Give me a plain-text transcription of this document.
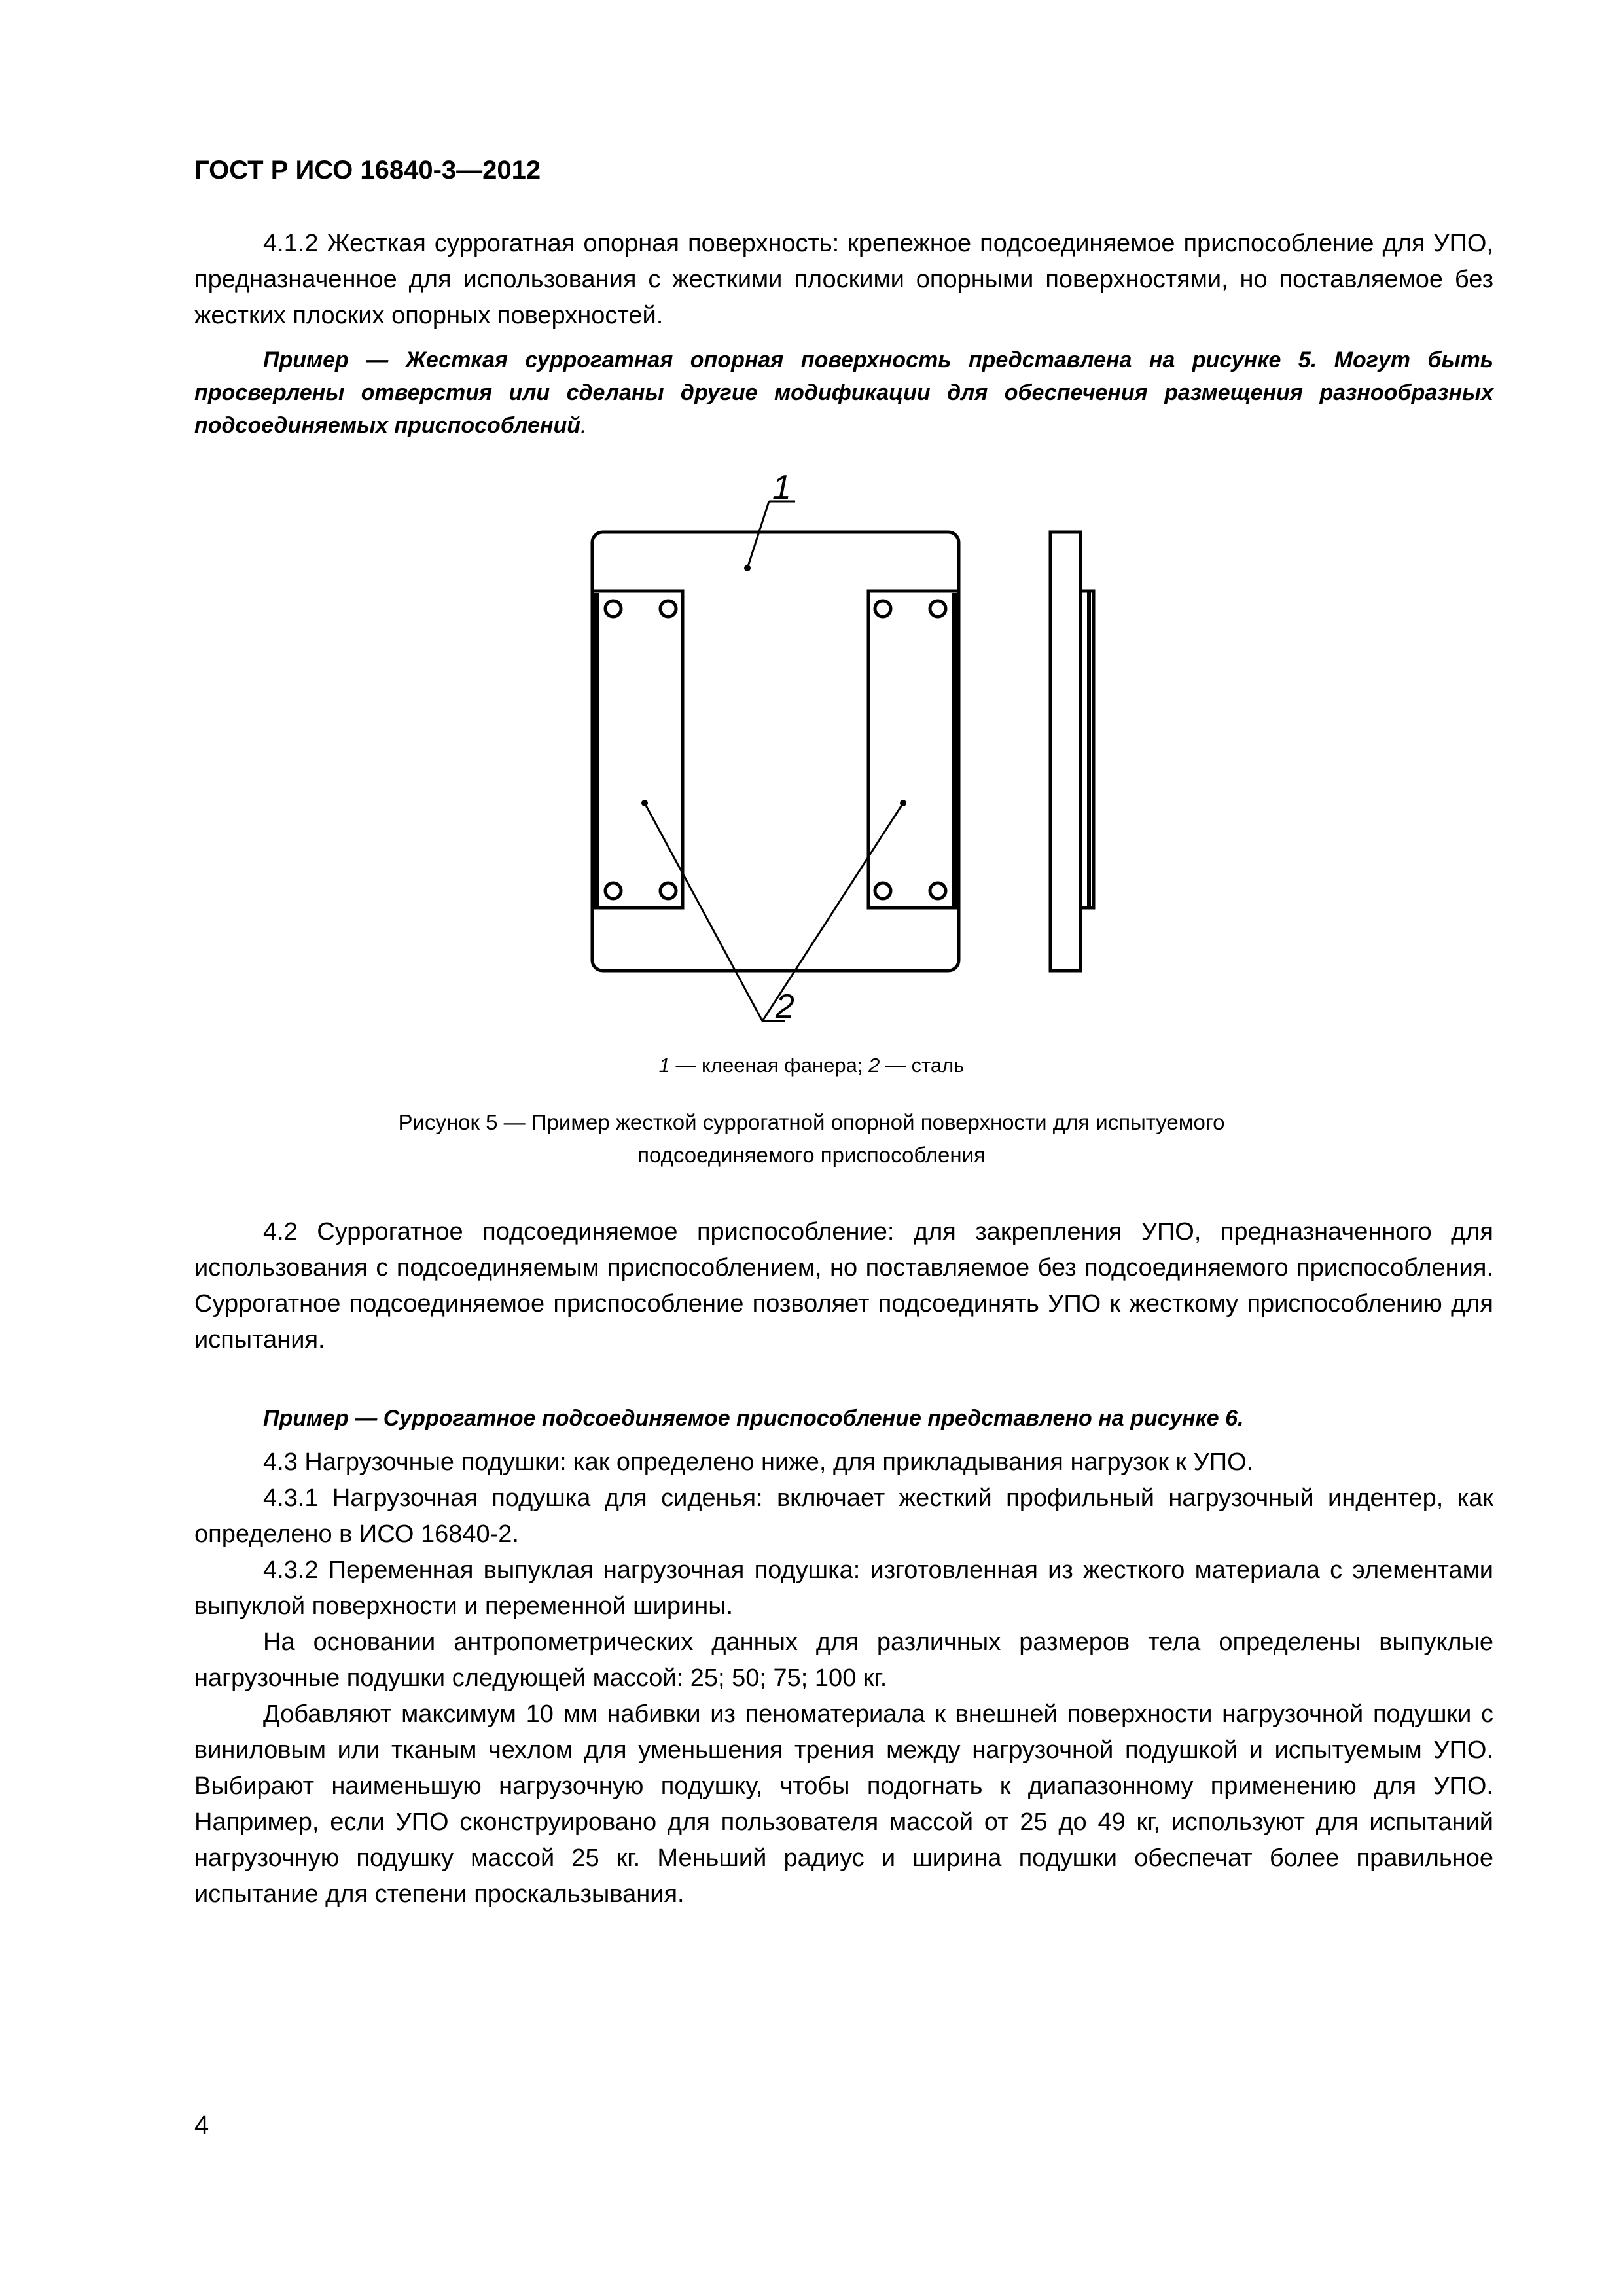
ГОСТ Р ИСО 16840-3—2012

4.1.2 Жесткая суррогатная опорная поверхность: крепежное подсоединяемое приспособление для УПО, предназначенное для использования с жесткими плоскими опорными поверхностями, но поставляемое без жестких плоских опорных поверхностей.

Пример — Жесткая суррогатная опорная поверхность представлена на рисунке 5. Могут быть просверлены отверстия или сделаны другие модификации для обеспечения размещения разнообразных подсоединяемых приспособлений.

1
2
1 — клееная фанера; 2 — сталь
Рисунок 5 — Пример жесткой суррогатной опорной поверхности для испытуемого подсоединяемого приспособления

4.2 Суррогатное подсоединяемое приспособление: для закрепления УПО, предназначенного для использования с подсоединяемым приспособлением, но поставляемое без подсоединяемого приспособления. Суррогатное подсоединяемое приспособление позволяет подсоединять УПО к жесткому приспособлению для испытания.

Пример — Суррогатное подсоединяемое приспособление представлено на рисунке 6.

4.3 Нагрузочные подушки: как определено ниже, для прикладывания нагрузок к УПО.

4.3.1 Нагрузочная подушка для сиденья: включает жесткий профильный нагрузочный индентер, как определено в ИСО 16840-2.

4.3.2 Переменная выпуклая нагрузочная подушка: изготовленная из жесткого материала с элементами выпуклой поверхности и переменной ширины.

На основании антропометрических данных для различных размеров тела определены выпуклые нагрузочные подушки следующей массой: 25; 50; 75; 100 кг.

Добавляют максимум 10 мм набивки из пеноматериала к внешней поверхности нагрузочной подушки с виниловым или тканым чехлом для уменьшения трения между нагрузочной подушкой и испытуемым УПО. Выбирают наименьшую нагрузочную подушку, чтобы подогнать к диапазонному применению для УПО. Например, если УПО сконструировано для пользователя массой от 25 до 49 кг, используют для испытаний нагрузочную подушку массой 25 кг. Меньший радиус и ширина подушки обеспечат более правильное испытание для степени проскальзывания.

4
